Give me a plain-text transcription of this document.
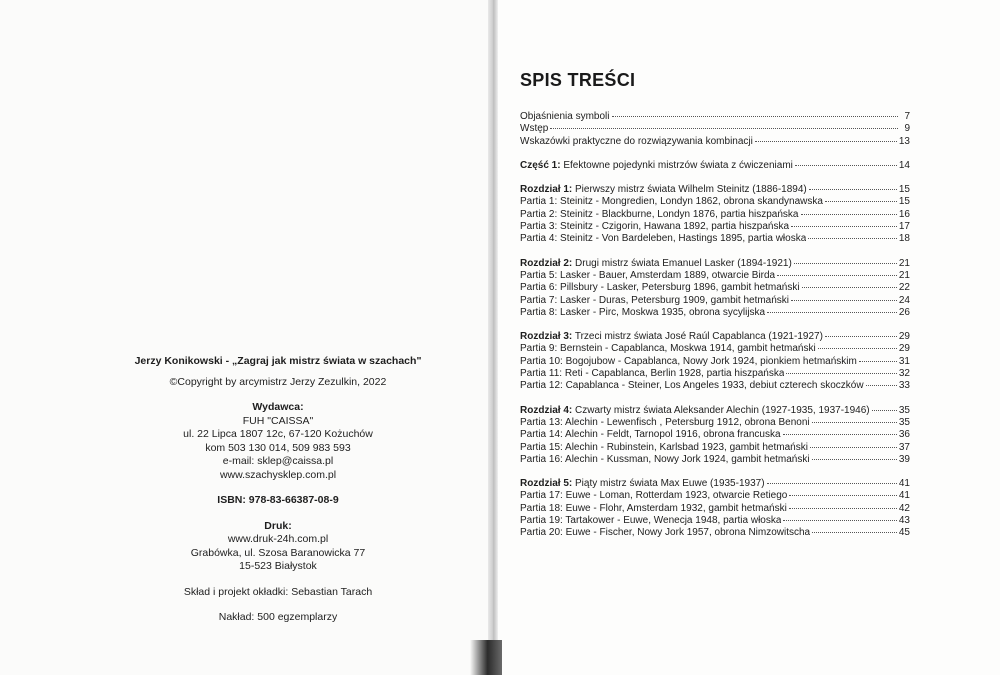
Jerzy Konikowski - „Zagraj jak mistrz świata w szachach"
©Copyright by arcymistrz Jerzy Zezulkin, 2022
Wydawca:
FUH "CAISSA"
ul. 22 Lipca 1807 12c, 67-120 Kożuchów
kom 503 130 014, 509 983 593
e-mail: sklep@caissa.pl
www.szachysklep.com.pl
ISBN: 978-83-66387-08-9
Druk:
www.druk-24h.com.pl
Grabówka, ul. Szosa Baranowicka 77
15-523 Białystok
Skład i projekt okładki: Sebastian Tarach
Nakład: 500 egzemplarzy
SPIS TREŚCI
Objaśnienia symboli	7
Wstęp	9
Wskazówki praktyczne do rozwiązywania kombinacji	13
Część 1: Efektowne pojedynki mistrzów świata z ćwiczeniami	14
Rozdział 1: Pierwszy mistrz świata Wilhelm Steinitz (1886-1894)	15
Partia 1: Steinitz - Mongredien, Londyn 1862, obrona skandynawska	15
Partia 2: Steinitz - Blackburne, Londyn 1876, partia hiszpańska	16
Partia 3: Steinitz - Czigorin, Hawana 1892, partia hiszpańska	17
Partia 4: Steinitz - Von Bardeleben, Hastings 1895, partia włoska	18
Rozdział 2: Drugi mistrz świata Emanuel Lasker (1894-1921)	21
Partia 5: Lasker - Bauer, Amsterdam 1889, otwarcie Birda	21
Partia 6: Pillsbury - Lasker, Petersburg 1896, gambit hetmański	22
Partia 7: Lasker - Duras, Petersburg 1909, gambit hetmański	24
Partia 8: Lasker - Pirc, Moskwa 1935, obrona sycylijska	26
Rozdział 3: Trzeci mistrz świata José Raúl Capablanca (1921-1927)	29
Partia 9: Bernstein - Capablanca, Moskwa 1914, gambit hetmański	29
Partia 10: Bogojubow - Capablanca, Nowy Jork 1924, pionkiem hetmańskim	31
Partia 11: Reti - Capablanca, Berlin 1928, partia hiszpańska	32
Partia 12: Capablanca - Steiner, Los Angeles 1933, debiut czterech skoczków	33
Rozdział 4: Czwarty mistrz świata Aleksander Alechin (1927-1935, 1937-1946)	35
Partia 13: Alechin - Lewenfisch , Petersburg 1912, obrona Benoni	35
Partia 14: Alechin - Feldt, Tarnopol 1916, obrona francuska	36
Partia 15: Alechin - Rubinstein, Karlsbad 1923, gambit hetmański	37
Partia 16: Alechin - Kussman, Nowy Jork 1924, gambit hetmański	39
Rozdział 5: Piąty mistrz świata Max Euwe (1935-1937)	41
Partia 17: Euwe - Loman, Rotterdam 1923, otwarcie Retiego	41
Partia 18: Euwe - Flohr, Amsterdam 1932, gambit hetmański	42
Partia 19: Tartakower - Euwe, Wenecja 1948, partia włoska	43
Partia 20: Euwe - Fischer, Nowy Jork 1957, obrona Nimzowitscha	45
